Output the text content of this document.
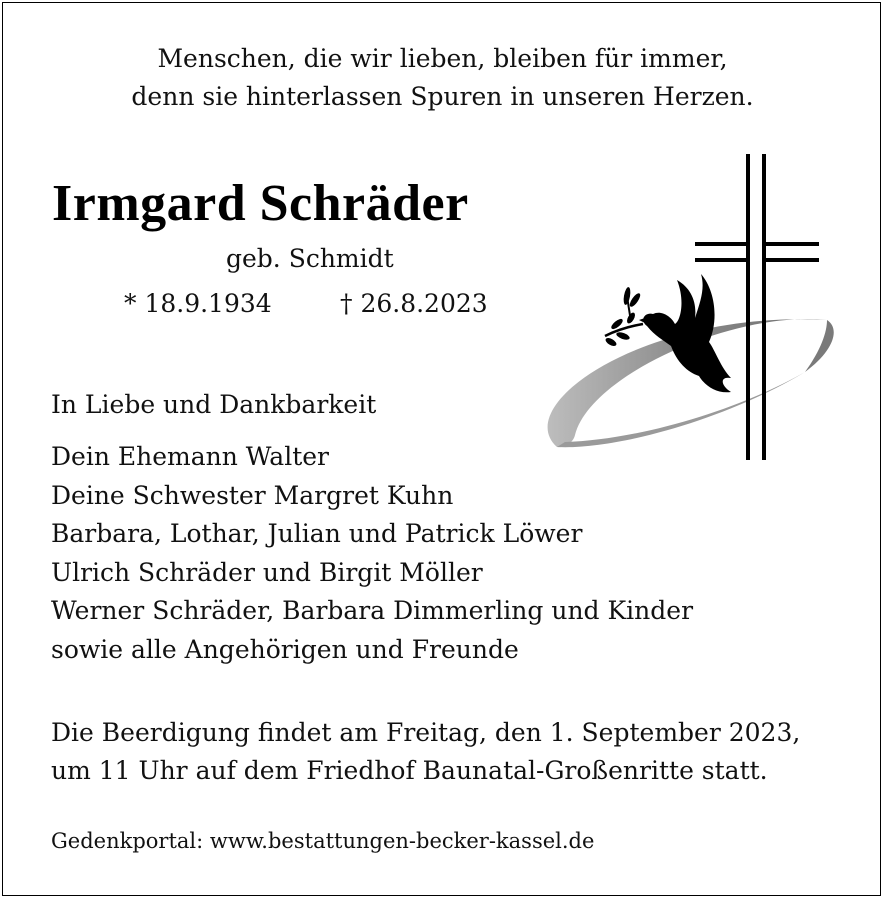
Menschen, die wir lieben, bleiben für immer,
denn sie hinterlassen Spuren in unseren Herzen.
Irmgard Schräder
geb. Schmidt
* 18.9.1934	† 26.8.2023
In Liebe und Dankbarkeit
Dein Ehemann Walter
Deine Schwester Margret Kuhn
Barbara, Lothar, Julian und Patrick Löwer
Ulrich Schräder und Birgit Möller
Werner Schräder, Barbara Dimmerling und Kinder
sowie alle Angehörigen und Freunde
Die Beerdigung findet am Freitag, den 1. September 2023,
um 11 Uhr auf dem Friedhof Baunatal-Großenritte statt.
Gedenkportal: www.bestattungen-becker-kassel.de
